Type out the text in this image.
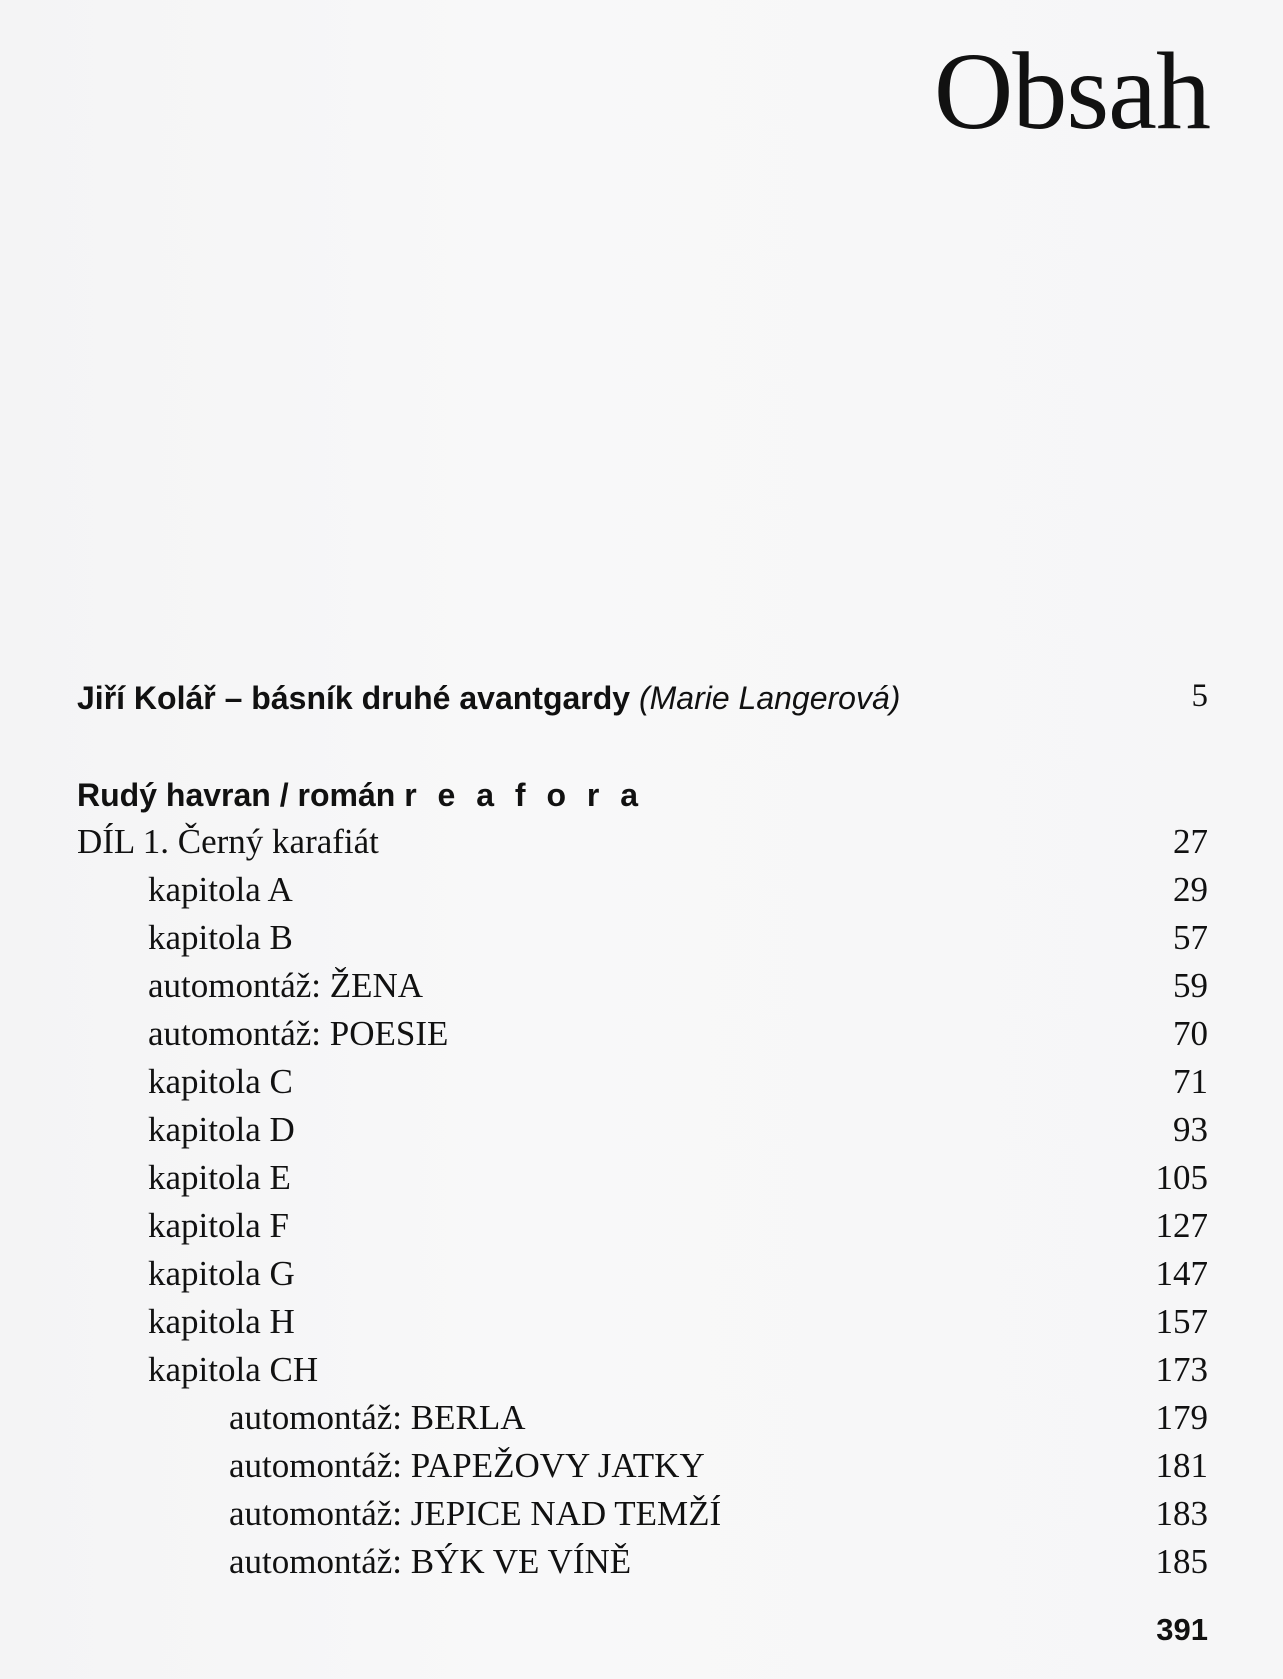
Obsah
Jiří Kolář – básník druhé avantgardy (Marie Langerová)	5
Rudý havran / román r e a f o r a
DÍL 1. Černý karafiát	27
kapitola A	29
kapitola B	57
automontáž: ŽENA	59
automontáž: POESIE	70
kapitola C	71
kapitola D	93
kapitola E	105
kapitola F	127
kapitola G	147
kapitola H	157
kapitola CH	173
automontáž: BERLA	179
automontáž: PAPEŽOVY JATKY	181
automontáž: JEPICE NAD TEMŽÍ	183
automontáž: BÝK VE VÍNĚ	185
391
